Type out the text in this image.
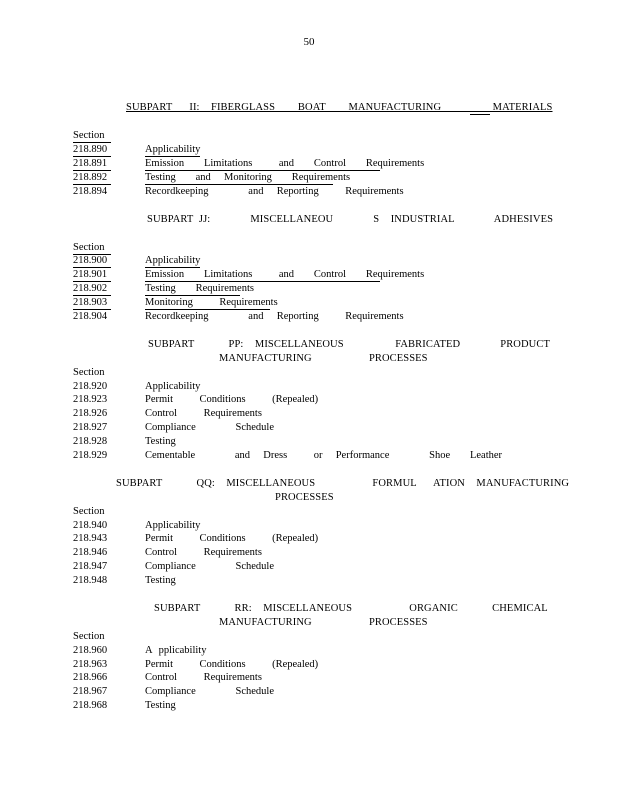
50
SUBPART   II:  FIBERGLASS    BOAT    MANUFACTURING         MATERIALS
Section
218.890	Applicability
218.891	Emission   Limitations    and   Control   Requirements
218.892	Testing   and  Monitoring   Requirements
218.894	Recordkeeping      and  Reporting    Requirements
SUBPART JJ:       MISCELLANEOU       S  INDUSTRIAL       ADHESIVES
Section
218.900	Applicability
218.901	Emission   Limitations    and   Control   Requirements
218.902	Testing   Requirements
218.903	Monitoring    Requirements
218.904	Recordkeeping      and  Reporting    Requirements
SUBPART      PP:  MISCELLANEOUS         FABRICATED       PRODUCT
MANUFACTURING          PROCESSES
Section
218.920	Applicability
218.923	Permit    Conditions    (Repealed)
218.926	Control    Requirements
218.927	Compliance      Schedule
218.928	Testing
218.929	Cementable      and  Dress    or  Performance      Shoe   Leather
SUBPART      QQ:  MISCELLANEOUS          FORMUL   ATION  MANUFACTURING
PROCESSES
Section
218.940	Applicability
218.943	Permit    Conditions    (Repealed)
218.946	Control    Requirements
218.947	Compliance      Schedule
218.948	Testing
SUBPART      RR:  MISCELLANEOUS          ORGANIC      CHEMICAL
MANUFACTURING          PROCESSES
Section
218.960	A pplicability
218.963	Permit    Conditions    (Repealed)
218.966	Control    Requirements
218.967	Compliance      Schedule
218.968	Testing
